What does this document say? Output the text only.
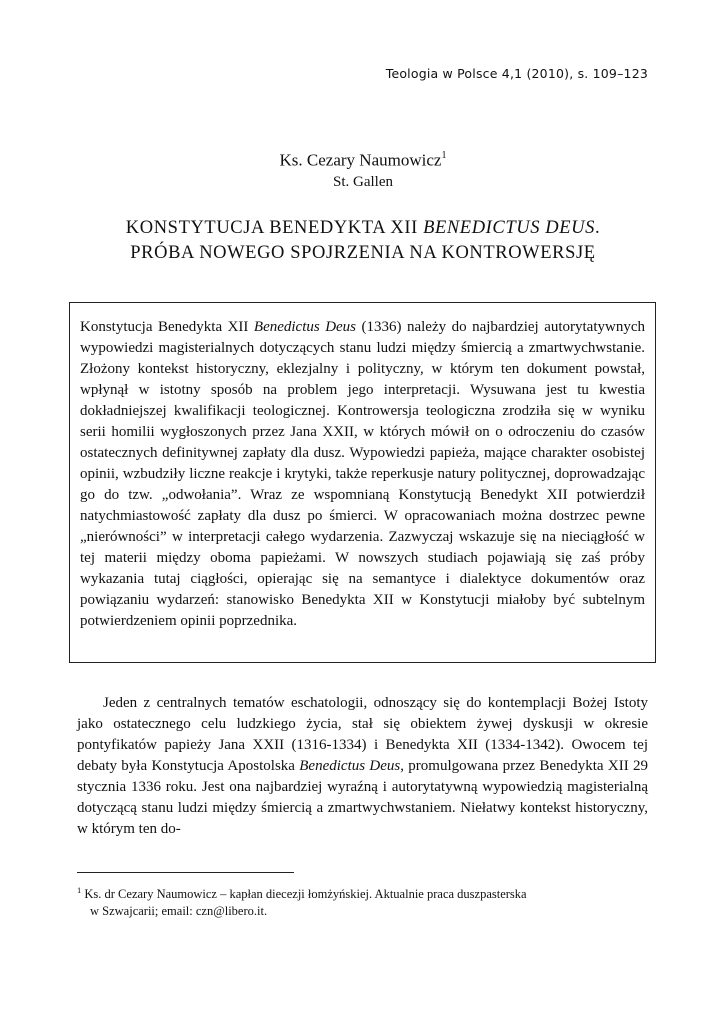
Teologia w Polsce 4,1 (2010), s. 109–123
Ks. Cezary Naumowicz$^1$
St. Gallen
KONSTYTUCJA BENEDYKTA XII BENEDICTUS DEUS.
PRÓBA NOWEGO SPOJRZENIA NA KONTROWERSJĘ

Konstytucja Benedykta XII Benedictus Deus (1336) należy do najbardziej autorytatywnych wypowiedzi magisterialnych dotyczących stanu ludzi między śmiercią a zmartwychwstanie. Złożony kontekst historyczny, eklezjalny i polityczny, w którym ten dokument powstał, wpłynął w istotny sposób na problem jego interpretacji. Wysuwana jest tu kwestia dokładniejszej kwalifikacji teologicznej. Kontrowersja teologiczna zrodziła się w wyniku serii homilii wygłoszonych przez Jana XXII, w których mówił on o odroczeniu do czasów ostatecznych definitywnej zapłaty dla dusz. Wypowiedzi papieża, mające charakter osobistej opinii, wzbudziły liczne reakcje i krytyki, także reperkusje natury politycznej, doprowadzając go do tzw. „odwołania”. Wraz ze wspomnianą Konstytucją Benedykt XII potwierdził natychmiastowość zapłaty dla dusz po śmierci. W opracowaniach można dostrzec pewne „nierówności” w interpretacji całego wydarzenia. Zazwyczaj wskazuje się na nieciągłość w tej materii między oboma papieżami. W nowszych studiach pojawiają się zaś próby wykazania tutaj ciągłości, opierając się na semantyce i dialektyce dokumentów oraz powiązaniu wydarzeń: stanowisko Benedykta XII w Konstytucji miałoby być subtelnym potwierdzeniem opinii poprzednika.

Jeden z centralnych tematów eschatologii, odnoszący się do kontemplacji Bożej Istoty jako ostatecznego celu ludzkiego życia, stał się obiektem żywej dyskusji w okresie pontyfikatów papieży Jana XXII (1316-1334) i Benedykta XII (1334-1342). Owocem tej debaty była Konstytucja Apostolska Benedictus Deus, promulgowana przez Benedykta XII 29 stycznia 1336 roku. Jest ona najbardziej wyraźną i autorytatywną wypowiedzią magisterialną dotyczącą stanu ludzi między śmiercią a zmartwychwstaniem. Niełatwy kontekst historyczny, w którym ten do-

$^1$ Ks. dr Cezary Naumowicz – kapłan diecezji łomżyńskiej. Aktualnie praca duszpasterska
w Szwajcarii; email: czn@libero.it.
